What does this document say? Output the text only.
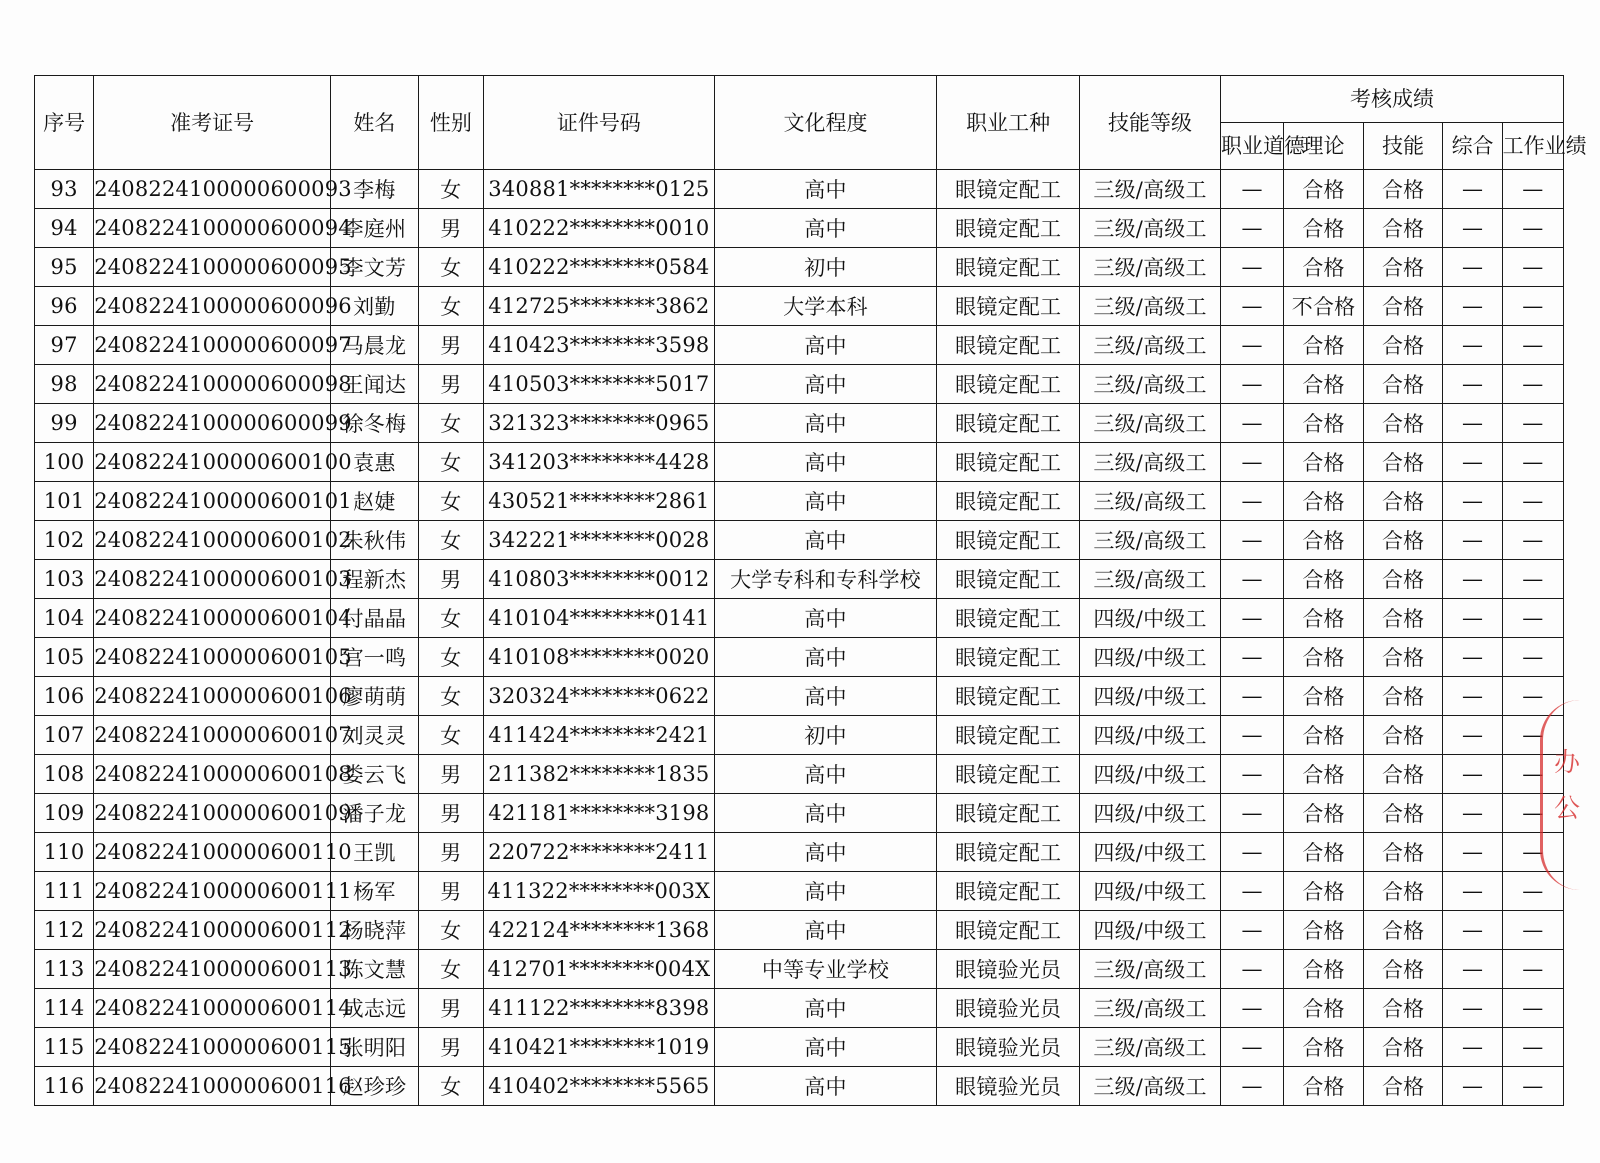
序号	准考证号	姓名	性别	证件号码	文化程度	职业工种	技能等级	考核成绩				
								职业道德	理论	技能	综合	工作业绩
93	2408224100000600093	李梅	女	340881********0125	高中	眼镜定配工	三级/高级工	—	合格	合格	—	—
94	2408224100000600094	李庭州	男	410222********0010	高中	眼镜定配工	三级/高级工	—	合格	合格	—	—
95	2408224100000600095	李文芳	女	410222********0584	初中	眼镜定配工	三级/高级工	—	合格	合格	—	—
96	2408224100000600096	刘勤	女	412725********3862	大学本科	眼镜定配工	三级/高级工	—	不合格	合格	—	—
97	2408224100000600097	马晨龙	男	410423********3598	高中	眼镜定配工	三级/高级工	—	合格	合格	—	—
98	2408224100000600098	王闻达	男	410503********5017	高中	眼镜定配工	三级/高级工	—	合格	合格	—	—
99	2408224100000600099	徐冬梅	女	321323********0965	高中	眼镜定配工	三级/高级工	—	合格	合格	—	—
100	2408224100000600100	袁惠	女	341203********4428	高中	眼镜定配工	三级/高级工	—	合格	合格	—	—
101	2408224100000600101	赵婕	女	430521********2861	高中	眼镜定配工	三级/高级工	—	合格	合格	—	—
102	2408224100000600102	朱秋伟	女	342221********0028	高中	眼镜定配工	三级/高级工	—	合格	合格	—	—
103	2408224100000600103	程新杰	男	410803********0012	大学专科和专科学校	眼镜定配工	三级/高级工	—	合格	合格	—	—
104	2408224100000600104	付晶晶	女	410104********0141	高中	眼镜定配工	四级/中级工	—	合格	合格	—	—
105	2408224100000600105	宫一鸣	女	410108********0020	高中	眼镜定配工	四级/中级工	—	合格	合格	—	—
106	2408224100000600106	廖萌萌	女	320324********0622	高中	眼镜定配工	四级/中级工	—	合格	合格	—	—
107	2408224100000600107	刘灵灵	女	411424********2421	初中	眼镜定配工	四级/中级工	—	合格	合格	—	—
108	2408224100000600108	娄云飞	男	211382********1835	高中	眼镜定配工	四级/中级工	—	合格	合格	—	—
109	2408224100000600109	潘子龙	男	421181********3198	高中	眼镜定配工	四级/中级工	—	合格	合格	—	—
110	2408224100000600110	王凯	男	220722********2411	高中	眼镜定配工	四级/中级工	—	合格	合格	—	—
111	2408224100000600111	杨军	男	411322********003X	高中	眼镜定配工	四级/中级工	—	合格	合格	—	—
112	2408224100000600112	杨晓萍	女	422124********1368	高中	眼镜定配工	四级/中级工	—	合格	合格	—	—
113	2408224100000600113	陈文慧	女	412701********004X	中等专业学校	眼镜验光员	三级/高级工	—	合格	合格	—	—
114	2408224100000600114	成志远	男	411122********8398	高中	眼镜验光员	三级/高级工	—	合格	合格	—	—
115	2408224100000600115	张明阳	男	410421********1019	高中	眼镜验光员	三级/高级工	—	合格	合格	—	—
116	2408224100000600116	赵珍珍	女	410402********5565	高中	眼镜验光员	三级/高级工	—	合格	合格	—	—
办公
